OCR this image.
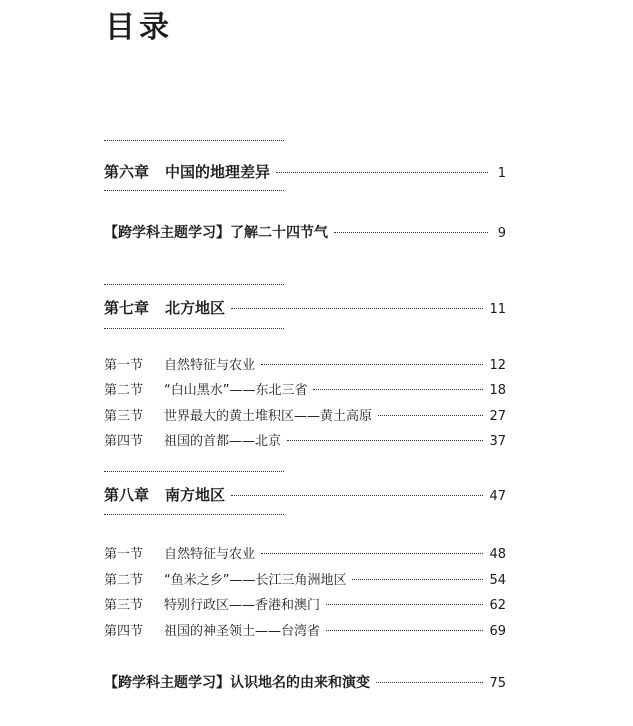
目录
第六章 中国的地理差异	1
【跨学科主题学习】了解二十四节气	9
第七章 北方地区	11
第一节	自然特征与农业	12
第二节	“白山黑水”——东北三省	18
第三节	世界最大的黄土堆积区——黄土高原	27
第四节	祖国的首都——北京	37
第八章 南方地区	47
第一节	自然特征与农业	48
第二节	“鱼米之乡”——长江三角洲地区	54
第三节	特别行政区——香港和澳门	62
第四节	祖国的神圣领土——台湾省	69
【跨学科主题学习】认识地名的由来和演变	75
